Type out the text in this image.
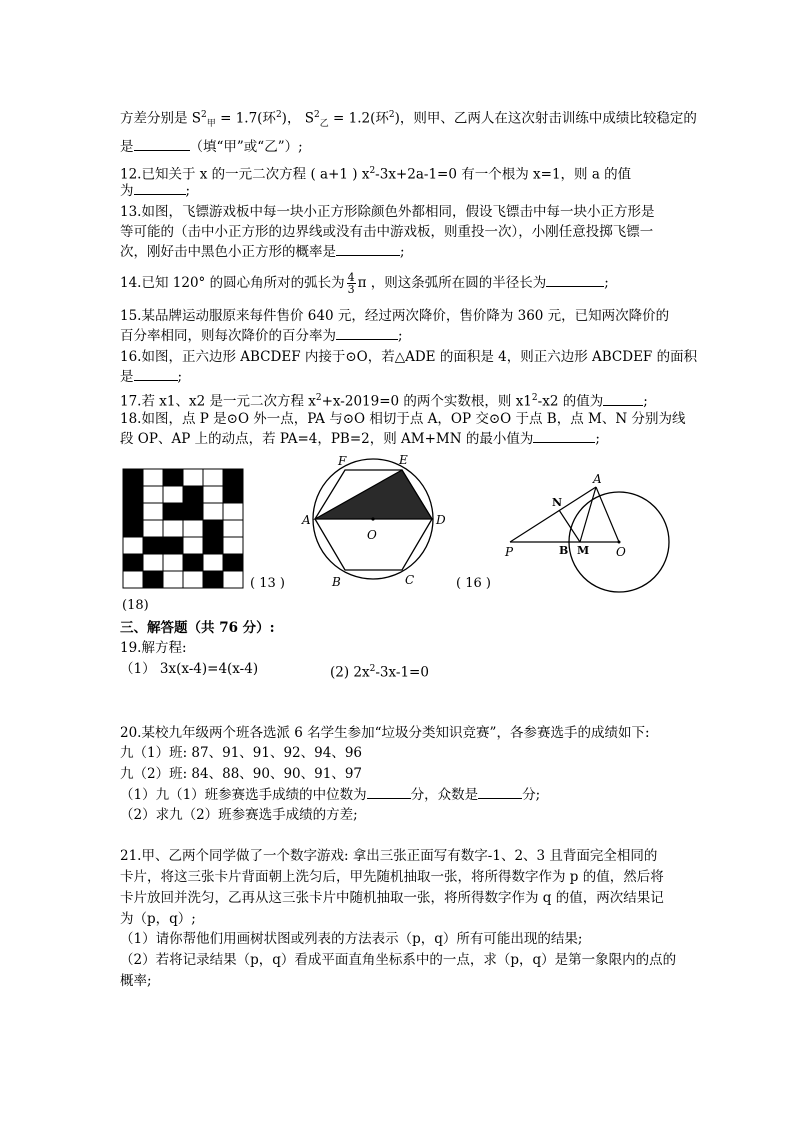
方差分别是 $S^2_甲 = 1.7$(环$^2$)， $S^2_乙 = 1.2$(环$^2$)，则甲、乙两人在这次射击训练中成绩比较稳定的
是	（填“甲”或“乙”）;
12.已知关于 x 的一元二次方程 ( a+1 ) $x^2-3x+2a-1=0$ 有一个根为 x=1，则 a 的值
为	;
13.如图，飞镖游戏板中每一块小正方形除颜色外都相同，假设飞镖击中每一块小正方形是
等可能的（击中小正方形的边界线或没有击中游戏板，则重投一次），小刚任意投掷飞镖一
次，刚好击中黑色小正方形的概率是	;
14.已知 120° 的圆心角所对的弧长为 $\frac{4}{3}$ π ，则这条弧所在圆的半径长为	;
15.某品牌运动服原来每件售价 640 元，经过两次降价，售价降为 360 元，已知两次降价的
百分率相同，则每次降价的百分率为	;
16.如图，正六边形 ABCDEF 内接于⊙O，若△ADE 的面积是 4，则正六边形 ABCDEF 的面积
是	;
17.若 x1、x2 是一元二次方程 $x^2+x-2019=0$ 的两个实数根，则 $x1^2-x2$ 的值为	;
18.如图，点 P 是⊙O 外一点，PA 与⊙O 相切于点 A，OP 交⊙O 于点 B，点 M、N 分别为线
段 OP、AP 上的动点，若 PA=4，PB=2，则 AM+MN 的最小值为	;
( 13 )
F	E
A	D
O
B	C	( 16 )
A
N
P	B M O
(18)
三、解答题（共 76 分）:
19.解方程:
（1） 3x(x-4)=4(x-4)	(2) $2x^2-3x-1=0$
20.某校九年级两个班各选派 6 名学生参加“垃圾分类知识竞赛”，各参赛选手的成绩如下:
九（1）班: 87、91、91、92、94、96
九（2）班: 84、88、90、90、91、97
（1）九（1）班参赛选手成绩的中位数为	分，众数是	分;
（2）求九（2）班参赛选手成绩的方差;
21.甲、乙两个同学做了一个数字游戏: 拿出三张正面写有数字-1、2、3 且背面完全相同的
卡片，将这三张卡片背面朝上洗匀后，甲先随机抽取一张，将所得数字作为 p 的值，然后将
卡片放回并洗匀，乙再从这三张卡片中随机抽取一张，将所得数字作为 q 的值，两次结果记
为（p，q）;
（1）请你帮他们用画树状图或列表的方法表示（p，q）所有可能出现的结果;
（2）若将记录结果（p，q）看成平面直角坐标系中的一点，求（p，q）是第一象限内的点的
概率;
